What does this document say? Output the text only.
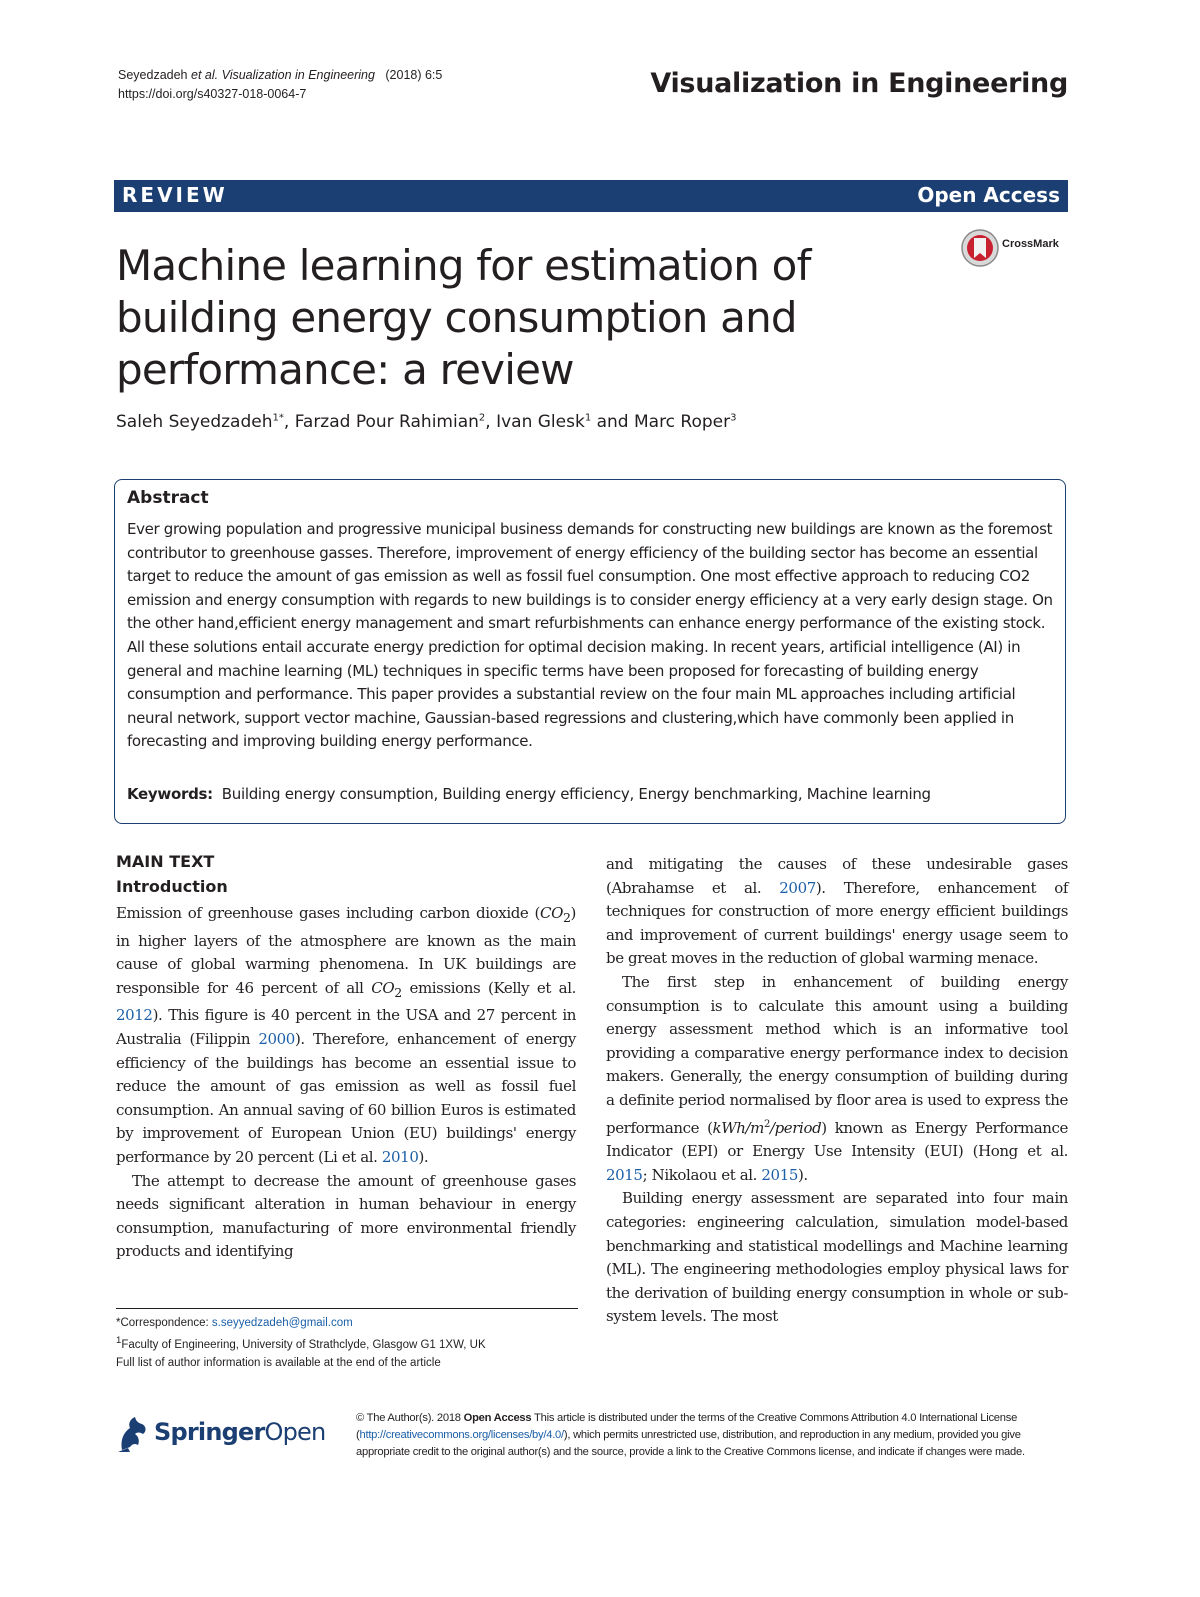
Seyedzadeh et al. Visualization in Engineering (2018) 6:5
https://doi.org/s40327-018-0064-7	Visualization in Engineering
REVIEW	Open Access
Machine learning for estimation of building energy consumption and performance: a review
CrossMark
Saleh Seyedzadeh$^{1*}$, Farzad Pour Rahimian$^2$, Ivan Glesk$^1$ and Marc Roper$^3$
Abstract
Ever growing population and progressive municipal business demands for constructing new buildings are known as the foremost contributor to greenhouse gasses. Therefore, improvement of energy efficiency of the building sector has become an essential target to reduce the amount of gas emission as well as fossil fuel consumption. One most effective approach to reducing CO2 emission and energy consumption with regards to new buildings is to consider energy efficiency at a very early design stage. On the other hand,efficient energy management and smart refurbishments can enhance energy performance of the existing stock. All these solutions entail accurate energy prediction for optimal decision making. In recent years, artificial intelligence (AI) in general and machine learning (ML) techniques in specific terms have been proposed for forecasting of building energy consumption and performance. This paper provides a substantial review on the four main ML approaches including artificial neural network, support vector machine, Gaussian-based regressions and clustering,which have commonly been applied in forecasting and improving building energy performance.
Keywords: Building energy consumption, Building energy efficiency, Energy benchmarking, Machine learning
MAIN TEXT
Introduction

Emission of greenhouse gases including carbon dioxide $(CO_2)$ in higher layers of the atmosphere are known as the main cause of global warming phenomena. In UK buildings are responsible for 46 percent of all $CO_2$ emissions (Kelly et al. 2012). This figure is 40 percent in the USA and 27 percent in Australia (Filippin 2000). Therefore, enhancement of energy efficiency of the buildings has become an essential issue to reduce the amount of gas emission as well as fossil fuel consumption. An annual saving of 60 billion Euros is estimated by improvement of European Union (EU) buildings' energy performance by 20 percent (Li et al. 2010).

The attempt to decrease the amount of greenhouse gases needs significant alteration in human behaviour in energy consumption, manufacturing of more environmental friendly products and identifying

and mitigating the causes of these undesirable gases (Abrahamse et al. 2007). Therefore, enhancement of techniques for construction of more energy efficient buildings and improvement of current buildings' energy usage seem to be great moves in the reduction of global warming menace.

The first step in enhancement of building energy consumption is to calculate this amount using a building energy assessment method which is an informative tool providing a comparative energy performance index to decision makers. Generally, the energy consumption of building during a definite period normalised by floor area is used to express the performance $(kWh/m^2/period)$ known as Energy Performance Indicator (EPI) or Energy Use Intensity (EUI) (Hong et al. 2015; Nikolaou et al. 2015).

Building energy assessment are separated into four main categories: engineering calculation, simulation model-based benchmarking and statistical modellings and Machine learning (ML). The engineering methodologies employ physical laws for the derivation of building energy consumption in whole or sub-system levels. The most

*Correspondence: s.seyyedzadeh@gmail.com
$^1$Faculty of Engineering, University of Strathclyde, Glasgow G1 1XW, UK
Full list of author information is available at the end of the article
SpringerOpen	© The Author(s). 2018 Open Access This article is distributed under the terms of the Creative Commons Attribution 4.0 International License (http://creativecommons.org/licenses/by/4.0/), which permits unrestricted use, distribution, and reproduction in any medium, provided you give appropriate credit to the original author(s) and the source, provide a link to the Creative Commons license, and indicate if changes were made.
